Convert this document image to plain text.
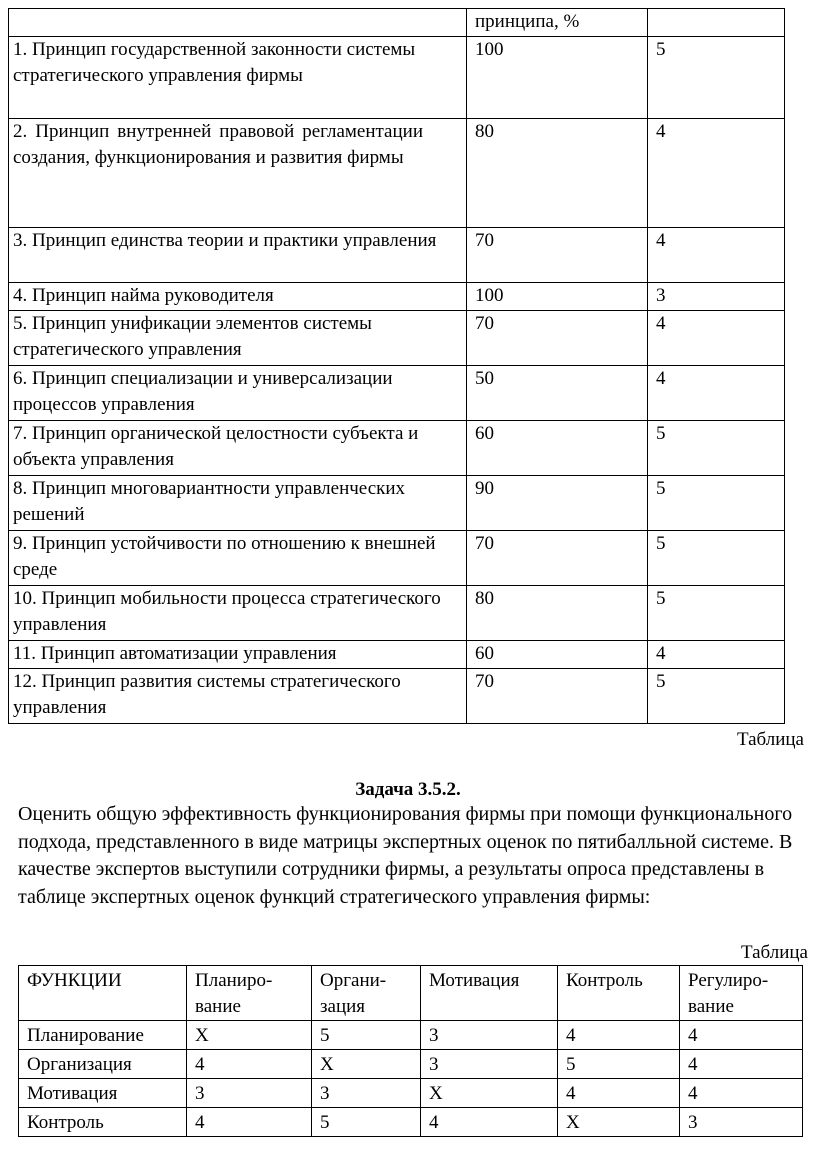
	принципа, %	
1. Принцип государственной законности системы стратегического управления фирмы	100	5

2. Принцип внутренней правовой регламентации создания, функционирования и развития фирмы	80	4
3. Принцип единства теории и практики управления	70	4
4. Принцип найма руководителя	100	3
5. Принцип унификации элементов системы стратегического управления	70	4
6. Принцип специализации и универсализации процессов управления	50	4
7. Принцип органической целостности субъекта и объекта управления	60	5
8. Принцип многовариантности управленческих решений	90	5
9. Принцип устойчивости по отношению к внешней среде	70	5
10. Принцип мобильности процесса стратегического управления	80	5
11. Принцип автоматизации управления	60	4
12. Принцип развития системы стратегического управления	70	5
Таблица
Задача 3.5.2.
Оценить общую эффективность функционирования фирмы при помощи функционального подхода, представленного в виде матрицы экспертных оценок по пятибалльной системе. В качестве экспертов выступили сотрудники фирмы, а результаты опроса представлены в таблице экспертных оценок функций стратегического управления фирмы:
Таблица
ФУНКЦИИ	Планиро-вание	Органи-зация	Мотивация	Контроль	Регулиро-вание
Планирование	Х	5	3	4	4
Организация	4	Х	3	5	4
Мотивация	3	3	Х	4	4
Контроль	4	5	4	Х	3
